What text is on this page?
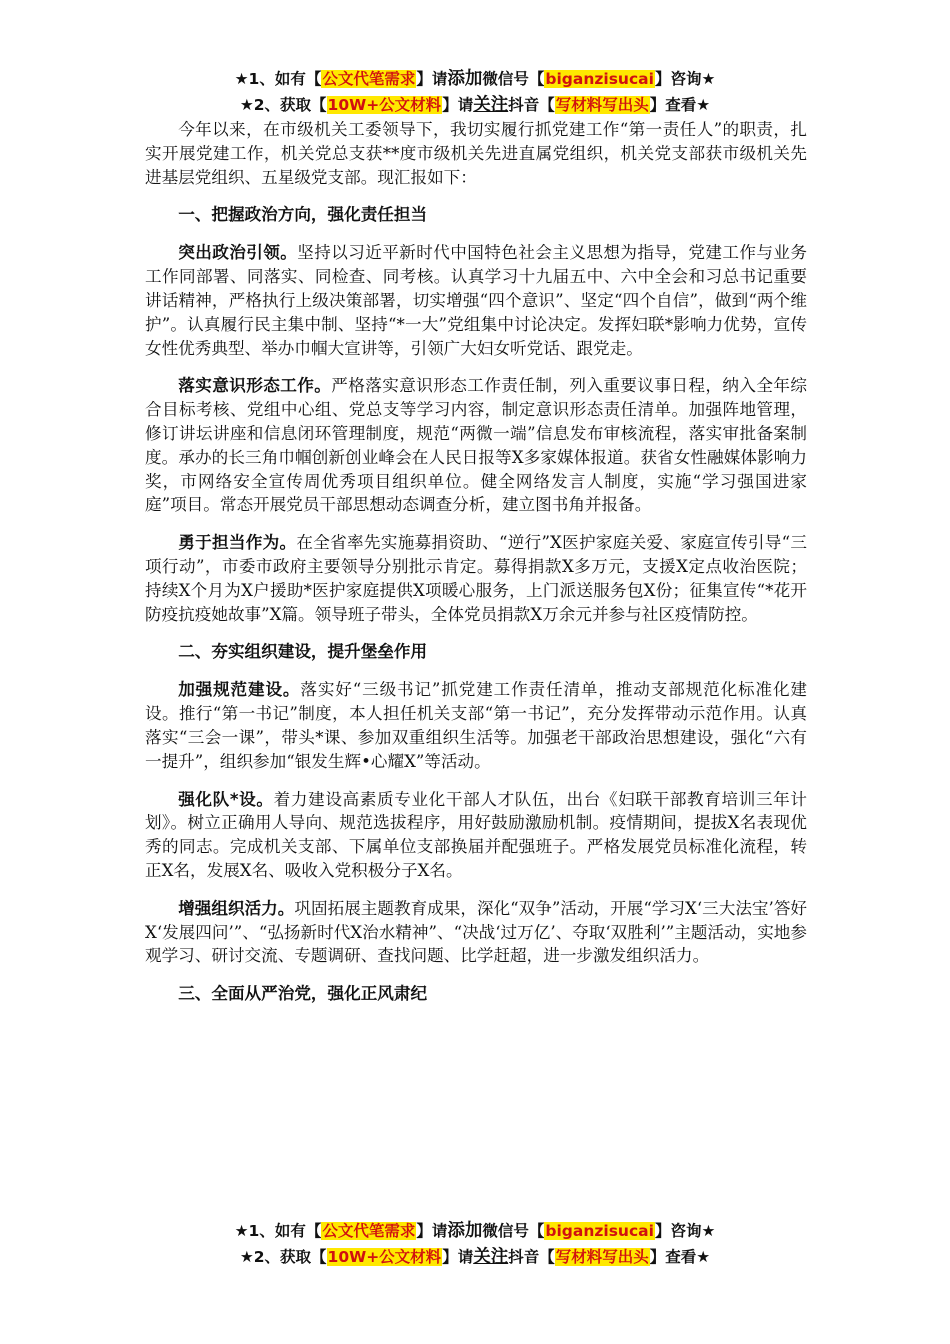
★1、如有【公文代笔需求】请添加微信号【biganzisucai】咨询★
★2、获取【10W+公文材料】请关注抖音【写材料写出头】查看★

今年以来，在市级机关工委领导下，我切实履行抓党建工作“第一责任人”的职责，扎实开展党建工作，机关党总支获**度市级机关先进直属党组织，机关党支部获市级机关先进基层党组织、五星级党支部。现汇报如下：

一、把握政治方向，强化责任担当

突出政治引领。坚持以习近平新时代中国特色社会主义思想为指导，党建工作与业务工作同部署、同落实、同检查、同考核。认真学习十九届五中、六中全会和习总书记重要讲话精神，严格执行上级决策部署，切实增强“四个意识”、坚定“四个自信”，做到“两个维护”。认真履行民主集中制、坚持“*一大”党组集中讨论决定。发挥妇联*影响力优势，宣传女性优秀典型、举办巾帼大宣讲等，引领广大妇女听党话、跟党走。

落实意识形态工作。严格落实意识形态工作责任制，列入重要议事日程，纳入全年综合目标考核、党组中心组、党总支等学习内容，制定意识形态责任清单。加强阵地管理，修订讲坛讲座和信息闭环管理制度，规范“两微一端”信息发布审核流程，落实审批备案制度。承办的长三角巾帼创新创业峰会在人民日报等X多家媒体报道。获省女性融媒体影响力奖，市网络安全宣传周优秀项目组织单位。健全网络发言人制度，实施“学习强国进家庭”项目。常态开展党员干部思想动态调查分析，建立图书角并报备。

勇于担当作为。在全省率先实施募捐资助、“逆行”X医护家庭关爱、家庭宣传引导“三项行动”，市委市政府主要领导分别批示肯定。募得捐款X多万元，支援X定点收治医院；持续X个月为X户援助*医护家庭提供X项暖心服务，上门派送服务包X份；征集宣传“*花开防疫抗疫她故事”X篇。领导班子带头，全体党员捐款X万余元并参与社区疫情防控。

二、夯实组织建设，提升堡垒作用

加强规范建设。落实好“三级书记”抓党建工作责任清单，推动支部规范化标准化建设。推行“第一书记”制度，本人担任机关支部“第一书记”，充分发挥带动示范作用。认真落实“三会一课”，带头*课、参加双重组织生活等。加强老干部政治思想建设，强化“六有一提升”，组织参加“银发生辉•心耀X”等活动。

强化队*设。着力建设高素质专业化干部人才队伍，出台《妇联干部教育培训三年计划》。树立正确用人导向、规范选拔程序，用好鼓励激励机制。疫情期间，提拔X名表现优秀的同志。完成机关支部、下属单位支部换届并配强班子。严格发展党员标准化流程，转正X名，发展X名、吸收入党积极分子X名。

增强组织活力。巩固拓展主题教育成果，深化“双争”活动，开展“学习X‘三大法宝’答好X‘发展四问’”、“弘扬新时代X治水精神”、“决战‘过万亿’、夺取‘双胜利’”主题活动，实地参观学习、研讨交流、专题调研、查找问题、比学赶超，进一步激发组织活力。

三、全面从严治党，强化正风肃纪
★1、如有【公文代笔需求】请添加微信号【biganzisucai】咨询★
★2、获取【10W+公文材料】请关注抖音【写材料写出头】查看★
